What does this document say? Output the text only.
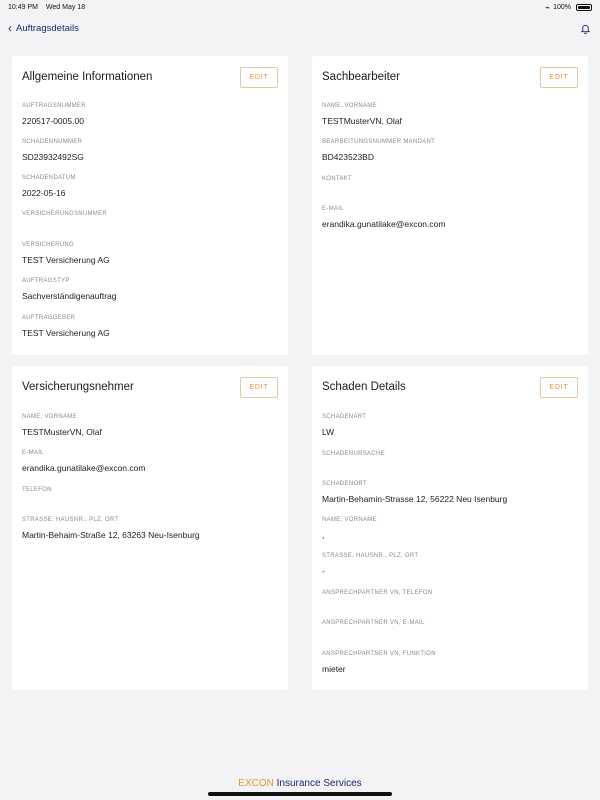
10:49 PM Wed May 18	⌁ 100%
‹ Auftragsdetails
Allgemeine Informationen	EDIT
AUFTRAGSNUMMER
220517-0005.00
SCHADENNUMMER
SD23932492SG
SCHADENDATUM
2022-05-16
VERSICHERUNGSNUMMER
VERSICHERUNG
TEST Versicherung AG
AUFTRAGSTYP
Sachverständigenauftrag
AUFTRAGGEBER
TEST Versicherung AG
Sachbearbeiter	EDIT
NAME, VORNAME
TESTMusterVN, Olaf
BEARBEITUNGSNUMMER MANDANT
BD423523BD
KONTAKT
E-MAIL
erandika.gunatilake@excon.com
Versicherungsnehmer	EDIT
NAME, VORNAME
TESTMusterVN, Olaf
E-MAIL
erandika.gunatilake@excon.com
TELEFON
STRASSE, HAUSNR., PLZ, ORT
Martin-Behaim-Straße 12, 63263 Neu-Isenburg
Schaden Details	EDIT
SCHADENART
LW
SCHADENURSACHE
SCHADENORT
Martin-Behamin-Strasse 12, 56222 Neu Isenburg
NAME, VORNAME
,
STRASSE, HAUSNR., PLZ, ORT
-
ANSPRECHPARTNER VN, TELEFON
ANSPRECHPARTNER VN, E-MAIL
ANSPRECHPARTNER VN, FUNKTION
mieter
EXCON Insurance Services
